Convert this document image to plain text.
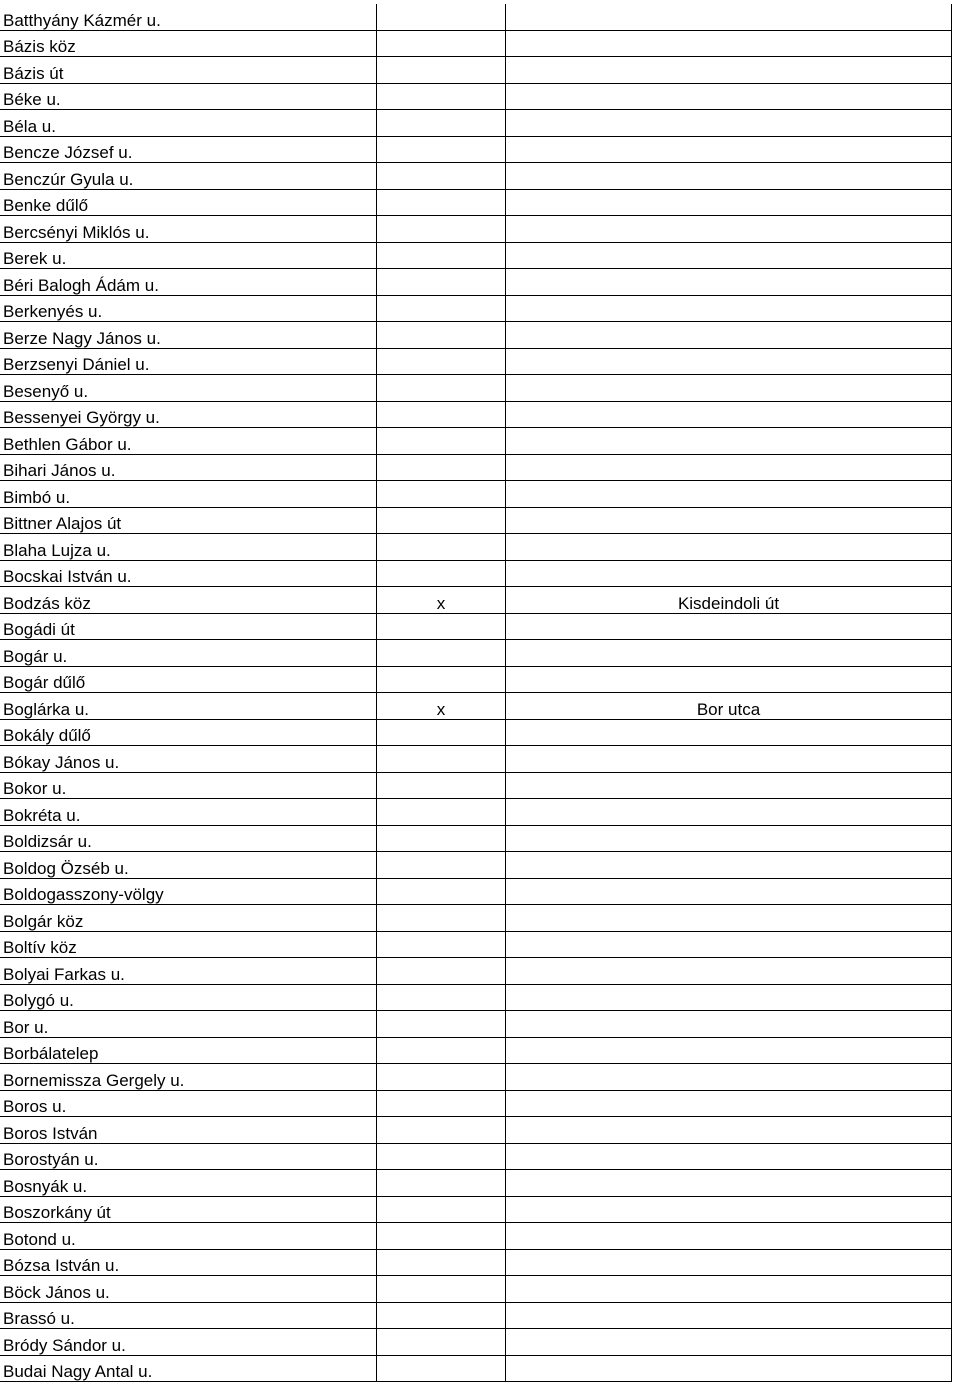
Batthyány Kázmér u.		
Bázis köz		
Bázis út		
Béke u.		
Béla u.		
Bencze József u.		
Benczúr Gyula u.		
Benke dűlő		
Bercsényi Miklós u.		
Berek u.		
Béri Balogh Ádám u.		
Berkenyés u.		
Berze Nagy János u.		
Berzsenyi Dániel u.		
Besenyő u.		
Bessenyei György u.		
Bethlen Gábor u.		
Bihari János u.		
Bimbó u.		
Bittner Alajos út		
Blaha Lujza u.		
Bocskai István u.		
Bodzás köz	x	Kisdeindoli út
Bogádi út		
Bogár u.		
Bogár dűlő		
Boglárka u.	x	Bor utca
Bokály dűlő		
Bókay János u.		
Bokor u.		
Bokréta u.		
Boldizsár u.		
Boldog Özséb u.		
Boldogasszony-völgy		
Bolgár köz		
Boltív köz		
Bolyai Farkas u.		
Bolygó u.		
Bor u.		
Borbálatelep		
Bornemissza Gergely u.		
Boros u.		
Boros István		
Borostyán u.		
Bosnyák u.		
Boszorkány út		
Botond u.		
Bózsa István u.		
Böck János u.		
Brassó u.		
Bródy Sándor u.		
Budai Nagy Antal u.		
